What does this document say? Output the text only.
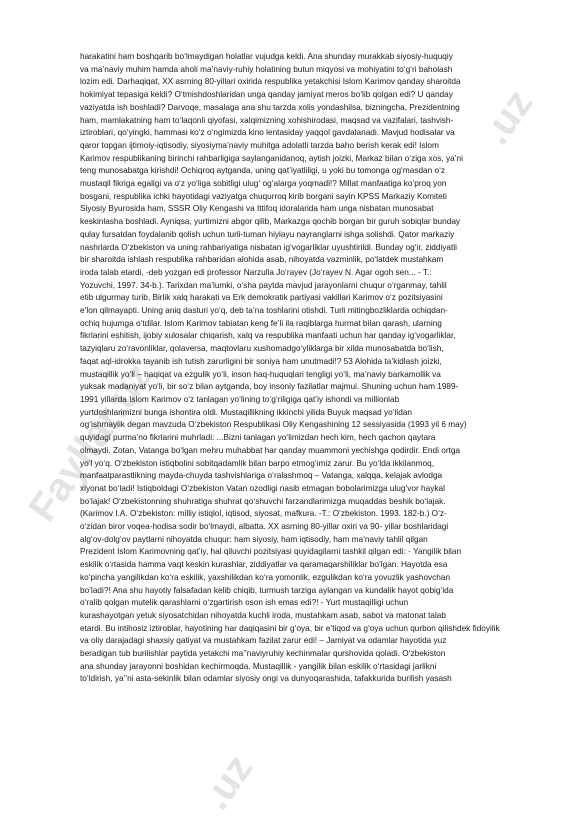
Fayllar.uz
.uz
.uz

harakatini ham boshqarib bo‘lmaydigan holatlar vujudga keldi. Ana shunday murakkab siyosiy-huquqiy

va ma’naviy muhim hamda aholi ma’naviy-ruhiy holatining butun miqyosi va mohiyatini to‘g‘ri baholash

lozim edi. Darhaqiqat, XX asrning 80-yillari oxirida respublika yetakchisi Islom Karimov qanday sharoitda

hokimiyat tepasiga keldi? O‘tmishdoshlaridan unga qanday jamiyat meros bo‘lib qolgan edi? U qanday

vaziyatda ish boshladi? Darvoqe, masalaga ana shu tarzda xolis yondashilsa, bizningcha, Prezidentning

ham, mamlakatning ham to‘laqonli qiyofasi, xalqimizning xohishirodasi, maqsad va vazifalari, tashvish-

iztiroblari, qo‘yingki, hammasi ko‘z o‘ngimizda kino lentasiday yaqqol gavdalanadi. Mavjud hodisalar va

qaror topgan ijtimoiy-iqtisodiy, siyosiyma’naviy muhitga adolatli tarzda baho berish kerak edi! Islom

Karimov respublikaning birinchi rahbarligiga saylanganidanoq, aytish joizki, Markaz bilan o‘ziga xos, ya’ni

teng munosabatga kirishdi! Ochiqroq aytganda, uning qat’iyatliligi, u yoki bu tomonga og‘masdan o‘z

mustaqil fikriga egaligi va o‘z yo‘liga sobitligi ulug‘ og‘alarga yoqmadi!? Millat manfaatiga ko‘proq yon

bosgani, respublika ichki hayotidagi vaziyatga chuqurroq kirib borgani sayin KPSS Markaziy Komiteti

Siyosiy Byurosida ham, SSSR Oliy Kengashi va Ittifoq idoralarida ham unga nisbatan munosabat

keskinlasha boshladi. Ayniqsa, yurtimizni abgor qilib, Markazga qochib borgan bir guruh sobiqlar bunday

qulay fursatdan foydalanib qolish uchun turli-tuman hiylayu nayranglarni ishga solishdi. Qator markaziy

nashrlarda O‘zbekiston va uning rahbariyatiga nisbatan ig‘vogarliklar uyushtirildi. Bunday og‘ir, ziddiyatli

bir sharoitda ishlash respublika rahbaridan alohida asab, nihoyatda vazminlik, po‘latdek mustahkam

iroda talab etardi, -deb yozgan edi professor Narzulla Jo‘rayev (Jo‘rayev N. Agar ogoh sen... - T.:

Yozuvchi, 1997. 34-b.). Tarixdan ma’lumki, o‘sha paytda mavjud jarayonlarni chuqur o‘rganmay, tahlil

etib ulgurmay turib, Birlik xalq harakati va Erk demokratik partiyasi vakillari Karimov o‘z pozitsiyasini

e’lon qilmayapti. Uning aniq dasturi yo‘q, deb ta’na toshlarini otishdi. Turli mitingbozliklarda ochiqdan-

ochiq hujumga o‘tdilar. Islom Karimov tabiatan keng fe’li ila raqiblarga hurmat bilan qarash, ularning

fikrlarini eshitish, ijobiy xulosalar chiqarish, xalq va respublika manfaati uchun har qanday ig‘vogarliklar,

tazyiqlaru zo‘ravonliklar, qolaversa, maqtovlaru xushomadgo‘yliklarga bir xilda munosabatda bo‘lish,

faqat aql-idrokka tayanib ish tutish zarurligini bir soniya ham unutmadi!? 53 Alohida ta’kidlash joizki,

mustaqillik yo‘li – haqiqat va ezgulik yo‘li, inson haq-huquqlari tengligi yo‘li, ma’naviy barkamollik va

yuksak madaniyat yo‘li, bir so‘z bilan aytganda, boy insoniy fazilatlar majmui. Shuning uchun ham 1989-

1991 yillarda Islom Karimov o‘z tanlagan yo‘lining to‘g‘riligiga qat’iy ishondi va millionlab

yurtdoshlarimizni bunga ishontira oldi. Mustaqillikning ikkinchi yilida Buyuk maqsad yo‘lidan

og‘ishmaylik degan mavzuda O‘zbekiston Respublikasi Oliy Kengashining 12 sessiyasida (1993 yil 6 may)

quyidagi purma’no fikrlarini muhrladi: ...Bizni tanlagan yo‘limizdan hech kim, hech qachon qaytara

olmaydi. Zotan, Vatanga bo‘lgan mehru muhabbat har qanday muammoni yechishga qodirdir. Endi ortga

yo‘l yo‘q. O‘zbekiston istiqbolini sobitqadamlik bilan barpo etmog‘imiz zarur. Bu yo‘lda ikkilanmoq,

manfaatparastlikning mayda-chuyda tashvishlariga o‘ralashmoq – Vatanga, xalqqa, kelajak avlodga

xiyonat bo‘ladi! Istiqboldagi O‘zbekiston Vatan ozodligi nasib etmagan bobolarimizga ulug‘vor haykal

bo‘lajak! O‘zbekistonning shuhratiga shuhrat qo‘shuvchi farzandlarimizga muqaddas beshik bo‘lajak.

(Karimov I.A. O‘zbekiston: milliy istiqlol, iqtisod, siyosat, mafkura. -T.: O‘zbekiston. 1993. 182-b.) O‘z-

o‘zidan biror voqea-hodisa sodir bo‘lmaydi, albatta. XX asrning 80-yillar oxiri va 90- yillar boshlaridagi

alg‘ov-dolg‘ov paytlarni nihoyatda chuqur: ham siyosiy, ham iqtisodiy, ham ma’naviy tahlil qilgan

Prezident Islom Karimovning qat’iy, hal qiluvchi pozitsiyasi quyidagilarni tashkil qilgan edi: - Yangilik bilan

eskilik o‘rtasida hamma vaqt keskin kurashlar, ziddiyatlar va qaramaqarshiliklar bo‘lgan. Hayotda esa

ko‘pincha yangilikdan ko‘ra eskilik, yaxshilikdan ko‘ra yomonlik, ezgulikdan ko‘ra yovuzlik yashovchan

bo‘ladi?! Ana shu hayotiy falsafadan kelib chiqib, turmush tarziga aylangan va kundalik hayot qobig‘ida

o‘ralib qolgan mutelik qarashlarni o‘zgartirish oson ish emas edi?! - Yurt mustaqilligi uchun

kurashayotgan yetuk siyosatchidan nihoyatda kuchli iroda, mustahkam asab, sabot va matonat talab

etardi. Bu intihosiz iztiroblar, hayotining har daqiqasini bir g‘oya, bir e’tiqod va g‘oya uchun qurbon qilishdek fidoyilik

va oliy darajadagi shaxsiy qatiyat va mustahkam fazilat zarur edi! – Jamiyat va odamlar hayotida yuz

beradigan tub burilishlar paytida yetakchi ma’’naviyruhiy kechinmalar qurshovida qoladi. O‘zbekiston

ana shunday jarayonni boshidan kechirmoqda. Mustaqillik - yangilik bilan eskilik o‘rtasidagi jarlikni

to‘ldirish, ya’’ni asta-sekinlik bilan odamlar siyosiy ongi va dunyoqarashida, tafakkurida burilish yasash
